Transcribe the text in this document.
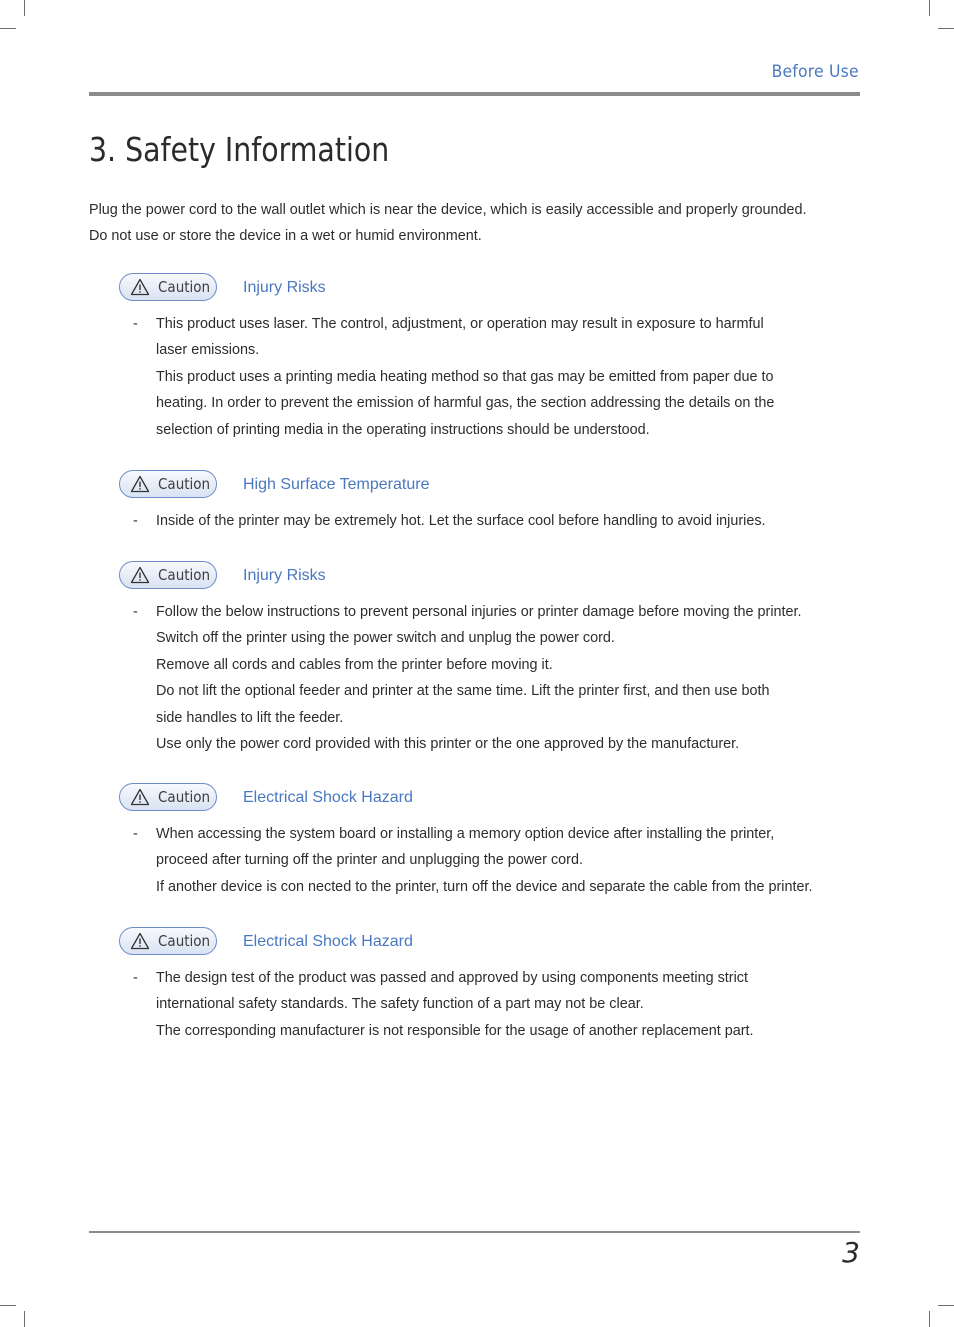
Before Use
3. Safety Information

Plug the power cord to the wall outlet which is near the device, which is easily accessible and properly grounded.

Do not use or store the device in a wet or humid environment.

Caution Injury Risks
- This product uses laser. The control, adjustment, or operation may result in exposure to harmful
laser emissions.
This product uses a printing media heating method so that gas may be emitted from paper due to
heating. In order to prevent the emission of harmful gas, the section addressing the details on the
selection of printing media in the operating instructions should be understood.
Caution High Surface Temperature
- Inside of the printer may be extremely hot. Let the surface cool before handling to avoid injuries.
Caution Injury Risks
- Follow the below instructions to prevent personal injuries or printer damage before moving the printer.
Switch off the printer using the power switch and unplug the power cord.
Remove all cords and cables from the printer before moving it.
Do not lift the optional feeder and printer at the same time. Lift the printer first, and then use both
side handles to lift the feeder.
Use only the power cord provided with this printer or the one approved by the manufacturer.
Caution Electrical Shock Hazard
- When accessing the system board or installing a memory option device after installing the printer,
proceed after turning off the printer and unplugging the power cord.
If another device is con nected to the printer, turn off the device and separate the cable from the printer.
Caution Electrical Shock Hazard
- The design test of the product was passed and approved by using components meeting strict
international safety standards. The safety function of a part may not be clear.
The corresponding manufacturer is not responsible for the usage of another replacement part.
3
